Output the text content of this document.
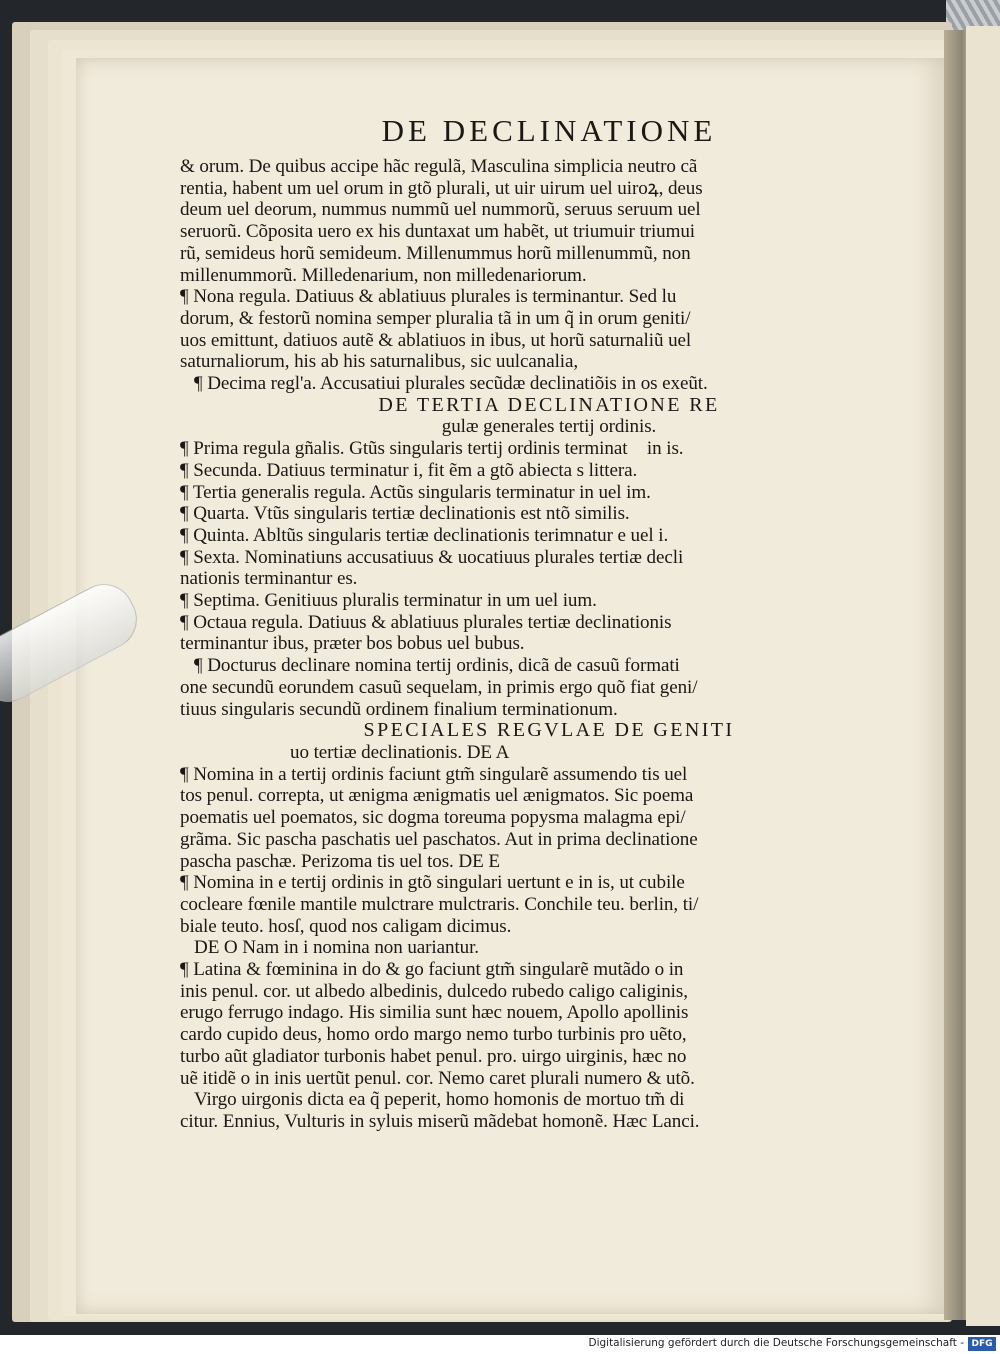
DE DECLINATIONE
& orum. De quibus accipe hãc regulã, Masculina simplicia neutro cã
rentia, habent um uel orum in gtõ plurali, ut uir uirum uel uiroꝝ, deus
deum uel deorum, nummus nummũ uel nummorũ, seruus seruum uel
seruorũ. Cõposita uero ex his duntaxat um habẽt, ut triumuir triumui
rũ, semideus horũ semideum. Millenummus horũ millenummũ, non
millenummorũ. Milledenarium, non milledenariorum.
¶ Nona regula. Datiuus & ablatiuus plurales is terminantur. Sed lu
dorum, & festorũ nomina semper pluralia tã in um q̃ in orum geniti/
uos emittunt, datiuos autẽ & ablatiuos in ibus, ut horũ saturnaliũ uel
saturnaliorum, his ab his saturnalibus, sic uulcanalia,
¶ Decima regl'a. Accusatiui plurales secũdæ declinatiõis in os exeũt.
DE TERTIA DECLINATIONE RE
gulæ generales tertĳ ordinis.
¶ Prima regula gñalis. Gtũs singularis tertĳ ordinis terminatᷣ in is.
¶ Secunda. Datiuus terminatur i, fit ẽm a gtõ abiecta s littera.
¶ Tertia generalis regula. Actũs singularis terminatur in uel im.
¶ Quarta. Vtũs singularis tertiæ declinationis est ntõ similis.
¶ Quinta. Abltũs singularis tertiæ declinationis terimnatur e uel i.
¶ Sexta. Nominatiuns accusatiuus & uocatiuus plurales tertiæ decli
nationis terminantur es.
¶ Septima. Genitiuus pluralis terminatur in um uel ium.
¶ Octaua regula. Datiuus & ablatiuus plurales tertiæ declinationis
terminantur ibus, præter bos bobus uel bubus.
¶ Docturus declinare nomina tertĳ ordinis, dicã de casuũ formati
one secundũ eorundem casuũ sequelam, in primis ergo quõ fiat geni/
tiuus singularis secundũ ordinem finalium terminationum.
SPECIALES REGVLAE DE GENITI
uo tertiæ declinationis. DE A
¶ Nomina in a tertĳ ordinis faciunt gtm̃ singularẽ assumendo tis uel
tos penul. correpta, ut ænigma ænigmatis uel ænigmatos. Sic poema
poematis uel poematos, sic dogma toreuma popysma malagma epi/
grãma. Sic pascha paschatis uel paschatos. Aut in prima declinatione
pascha paschæ. Perizoma tis uel tos. DE E
¶ Nomina in e tertĳ ordinis in gtõ singulari uertunt e in is, ut cubile
cocleare fœnile mantile mulctrare mulctraris. Conchile teu. berlin, ti/
biale teuto. hosſ, quod nos caligam dicimus.
DE O Nam in i nomina non uariantur.
¶ Latina & fœminina in do & go faciunt gtm̃ singularẽ mutãdo o in
inis penul. cor. ut albedo albedinis, dulcedo rubedo caligo caliginis,
erugo ferrugo indago. His similia sunt hæc nouem, Apollo apollinis
cardo cupido deus, homo ordo margo nemo turbo turbinis pro uẽto,
turbo aũt gladiator turbonis habet penul. pro. uirgo uirginis, hæc no
uẽ itidẽ o in inis uertũt penul. cor. Nemo caret plurali numero & utõ.
Virgo uirgonis dicta ea q̃ peperit, homo homonis de mortuo tm̃ di
citur. Ennius, Vulturis in syluis miserũ mãdebat homonẽ. Hæc Lanci.
Digitalisierung gefördert durch die Deutsche Forschungsgemeinschaft - DFG
